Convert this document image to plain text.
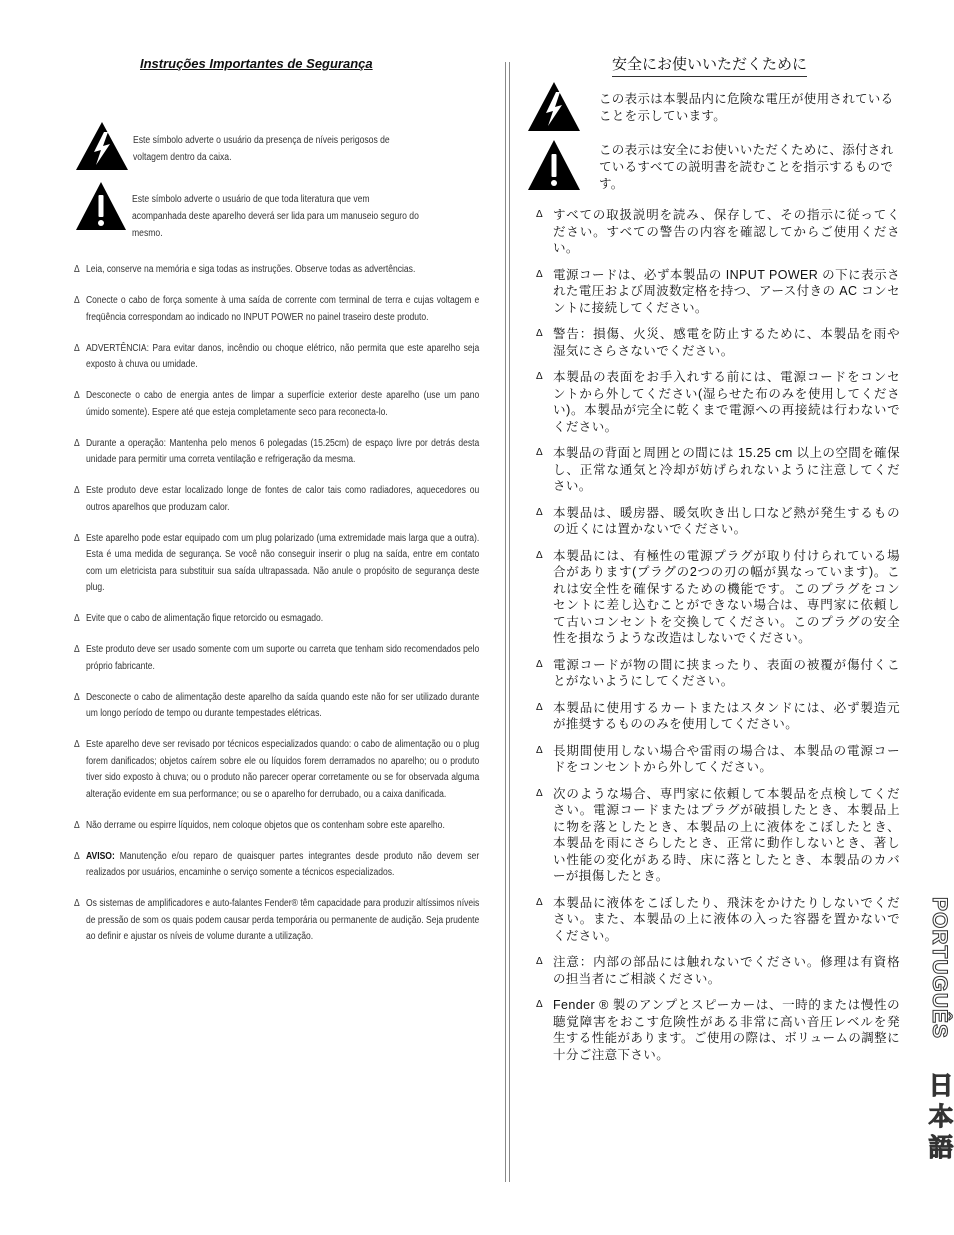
Instruções Importantes de Segurança
Este símbolo adverte o usuário da presença de níveis perigosos de voltagem dentro da caixa.
Este símbolo adverte o usuário de que toda literatura que vem acompanhada deste aparelho deverá ser lida para um manuseio seguro do mesmo.
Δ Leia, conserve na memória e siga todas as instruções. Observe todas as advertências.
Δ Conecte o cabo de força somente à uma saída de corrente com terminal de terra e cujas voltagem e freqüência correspondam ao indicado no INPUT POWER no painel traseiro deste produto.
Δ ADVERTÊNCIA: Para evitar danos, incêndio ou choque elétrico, não permita que este aparelho seja exposto à chuva ou umidade.
Δ Desconecte o cabo de energia antes de limpar a superfície exterior deste aparelho (use um pano úmido somente). Espere até que esteja completamente seco para reconecta-lo.
Δ Durante a operação: Mantenha pelo menos 6 polegadas (15.25cm) de espaço livre por detrás desta unidade para permitir uma correta ventilação e refrigeração da mesma.
Δ Este produto deve estar localizado longe de fontes de calor tais como radiadores, aquecedores ou outros aparelhos que produzam calor.
Δ Este aparelho pode estar equipado com um plug polarizado (uma extremidade mais larga que a outra). Esta é uma medida de segurança. Se você não conseguir inserir o plug na saída, entre em contato com um eletricista para substituir sua saída ultrapassada. Não anule o propósito de segurança deste plug.
Δ Evite que o cabo de alimentação fique retorcido ou esmagado.
Δ Este produto deve ser usado somente com um suporte ou carreta que tenham sido recomendados pelo próprio fabricante.
Δ Desconecte o cabo de alimentação deste aparelho da saída quando este não for ser utilizado durante um longo período de tempo ou durante tempestades elétricas.
Δ Este aparelho deve ser revisado por técnicos especializados quando: o cabo de alimentação ou o plug forem danificados; objetos caírem sobre ele ou líquidos forem derramados no aparelho; ou o produto tiver sido exposto à chuva; ou o produto não parecer operar corretamente ou se for observada alguma alteração evidente em sua performance; ou se o aparelho for derrubado, ou a caixa danificada.
Δ Não derrame ou espirre líquidos, nem coloque objetos que os contenham sobre este aparelho.
Δ AVISO: Manutenção e/ou reparo de quaisquer partes integrantes desde produto não devem ser realizados por usuários, encaminhe o serviço somente a técnicos especializados.
Δ Os sistemas de amplificadores e auto-falantes Fender® têm capacidade para produzir altíssimos níveis de pressão de som os quais podem causar perda temporária ou permanente de audição. Seja prudente ao definir e ajustar os níveis de volume durante a utilização.
安全にお使いいただくために
この表示は本製品内に危険な電圧が使用されていることを示しています。
この表示は安全にお使いいただくために、添付されているすべての説明書を読むことを指示するものです。
Δ すべての取扱説明を読み、保存して、その指示に従ってください。すべての警告の内容を確認してからご使用ください。
Δ 電源コードは、必ず本製品の INPUT POWER の下に表示された電圧および周波数定格を持つ、アース付きの AC コンセントに接続してください。
Δ 警告：損傷、火災、感電を防止するために、本製品を雨や湿気にさらさないでください。
Δ 本製品の表面をお手入れする前には、電源コードをコンセントから外してください(湿らせた布のみを使用してください)。本製品が完全に乾くまで電源への再接続は行わないでください。
Δ 本製品の背面と周囲との間には 15.25 cm 以上の空間を確保し、正常な通気と冷却が妨げられないように注意してください。
Δ 本製品は、暖房器、暖気吹き出し口など熱が発生するものの近くには置かないでください。
Δ 本製品には、有極性の電源プラグが取り付けられている場合があります(プラグの2つの刃の幅が異なっています)。これは安全性を確保するための機能です。このプラグをコンセントに差し込むことができない場合は、専門家に依頼して古いコンセントを交換してください。このプラグの安全性を損なうような改造はしないでください。
Δ 電源コードが物の間に挟まったり、表面の被覆が傷付くことがないようにしてください。
Δ 本製品に使用するカートまたはスタンドには、必ず製造元が推奨するもののみを使用してください。
Δ 長期間使用しない場合や雷雨の場合は、本製品の電源コードをコンセントから外してください。
Δ 次のような場合、専門家に依頼して本製品を点検してください。電源コードまたはプラグが破損したとき、本製品上に物を落としたとき、本製品の上に液体をこぼしたとき、本製品を雨にさらしたとき、正常に動作しないとき、著しい性能の変化がある時、床に落としたとき、本製品のカバーが損傷したとき。
Δ 本製品に液体をこぼしたり、飛沫をかけたりしないでください。また、本製品の上に液体の入った容器を置かないでください。
Δ 注意：内部の部品には触れないでください。修理は有資格の担当者にご相談ください。
Δ Fender ® 製のアンプとスピーカーは、一時的または慢性の聴覚障害をおこす危険性がある非常に高い音圧レベルを発生する性能があります。ご使用の際は、ボリュームの調整に十分ご注意下さい。
PORTUGUÊS
日本語
